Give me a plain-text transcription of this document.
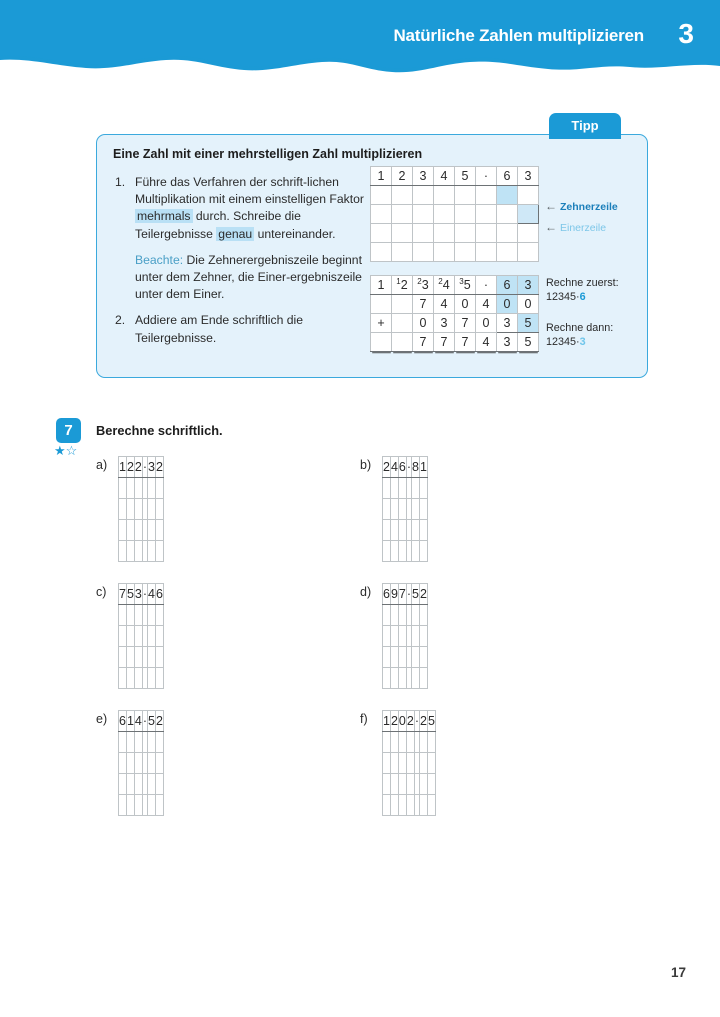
Natürliche Zahlen multiplizieren 3
Tipp
Eine Zahl mit einer mehrstelligen Zahl multiplizieren
1. Führe das Verfahren der schrift-lichen Multiplikation mit einem einstelligen Faktor mehrmals durch. Schreibe die Teilergebnisse genau untereinander.
Beachte: Die Zehnerergebniszeile beginnt unter dem Zehner, die Einer-ergebniszeile unter dem Einer.
2. Addiere am Ende schriftlich die Teilergebnisse.
1	2	3	4	5	·	6	3

← Zehnerzeile
← Einerzeile
1	$^1$2	$^2$3	$^2$4	$^3$5	·	6	3
		7	4	0	4	0	0
+		0	3	7	0	3	5
		7	7	7	4	3	5
Rechne zuerst:
12345·6
Rechne dann:
12345·3
7
★☆
Berechne schriftlich.
a) 1	2	2	·	3	2

						b) 2	4	6	·	8	1

c) 7	5	3	·	4	6

						d) 6	9	7	·	5	2

e) 6	1	4	·	5	2

						f) 1	2	0	2	·	2	5

17
